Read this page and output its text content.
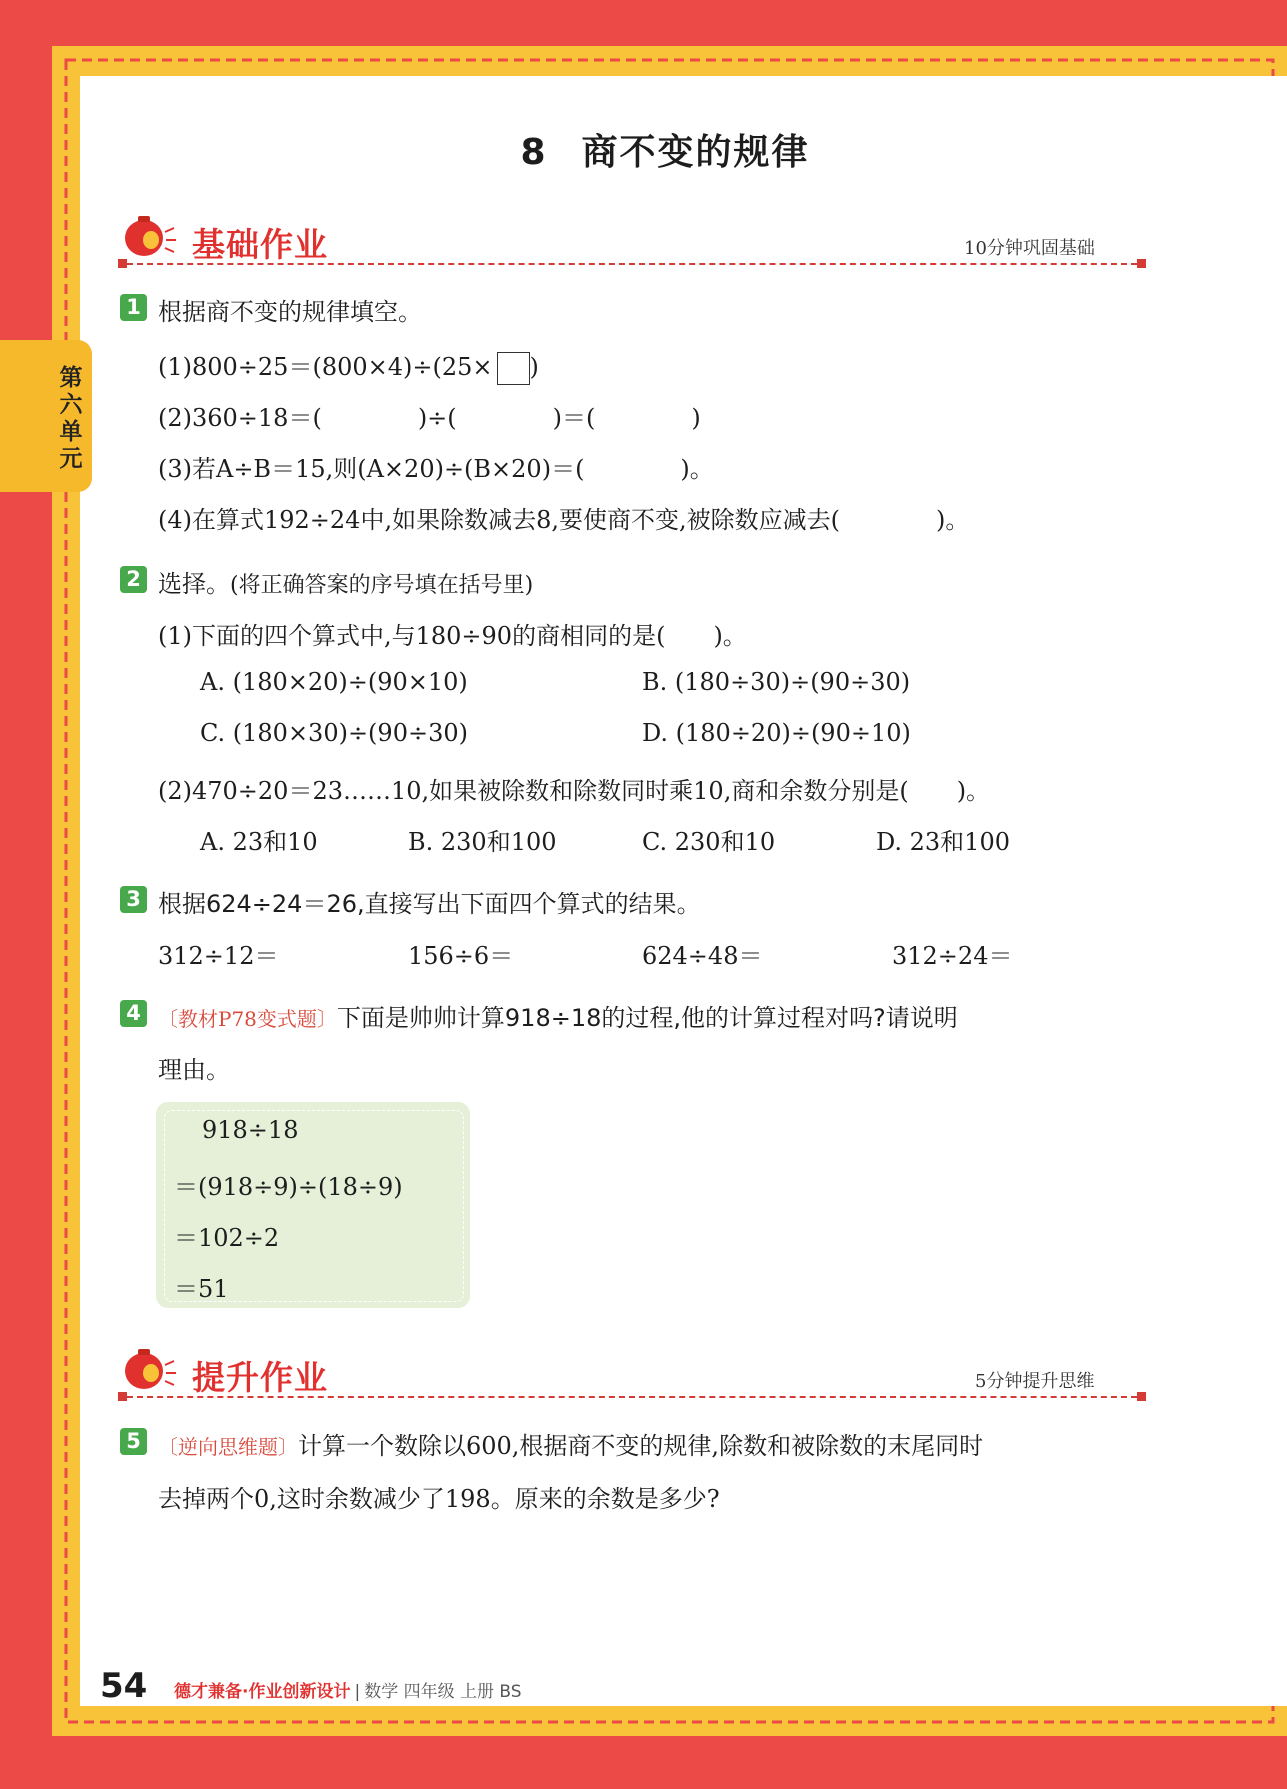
第六单元
8 商不变的规律
基础作业	10分钟巩固基础
1 根据商不变的规律填空。
(1)800÷25＝(800×4)÷(25× )
(2)360÷18＝(　　　　)÷(　　　　)＝(　　　　)
(3)若A÷B＝15,则(A×20)÷(B×20)＝(　　　　)。
(4)在算式192÷24中,如果除数减去8,要使商不变,被除数应减去(　　　　)。
2 选择。(将正确答案的序号填在括号里)
(1)下面的四个算式中,与180÷90的商相同的是(　　)。
A. (180×20)÷(90×10)	B. (180÷30)÷(90÷30)
C. (180×30)÷(90÷30)	D. (180÷20)÷(90÷10)
(2)470÷20＝23……10,如果被除数和除数同时乘10,商和余数分别是(　　)。
A. 23和10	B. 230和100	C. 230和10	D. 23和100
3 根据624÷24＝26,直接写出下面四个算式的结果。
312÷12＝	156÷6＝	624÷48＝	312÷24＝
4 〔教材P78变式题〕下面是帅帅计算918÷18的过程,他的计算过程对吗?请说明
理由。
918÷18
＝(918÷9)÷(18÷9)
＝102÷2
＝51
提升作业	5分钟提升思维
5 〔逆向思维题〕计算一个数除以600,根据商不变的规律,除数和被除数的末尾同时
去掉两个0,这时余数减少了198。原来的余数是多少?
54 德才兼备·作业创新设计 | 数学 四年级 上册 BS
